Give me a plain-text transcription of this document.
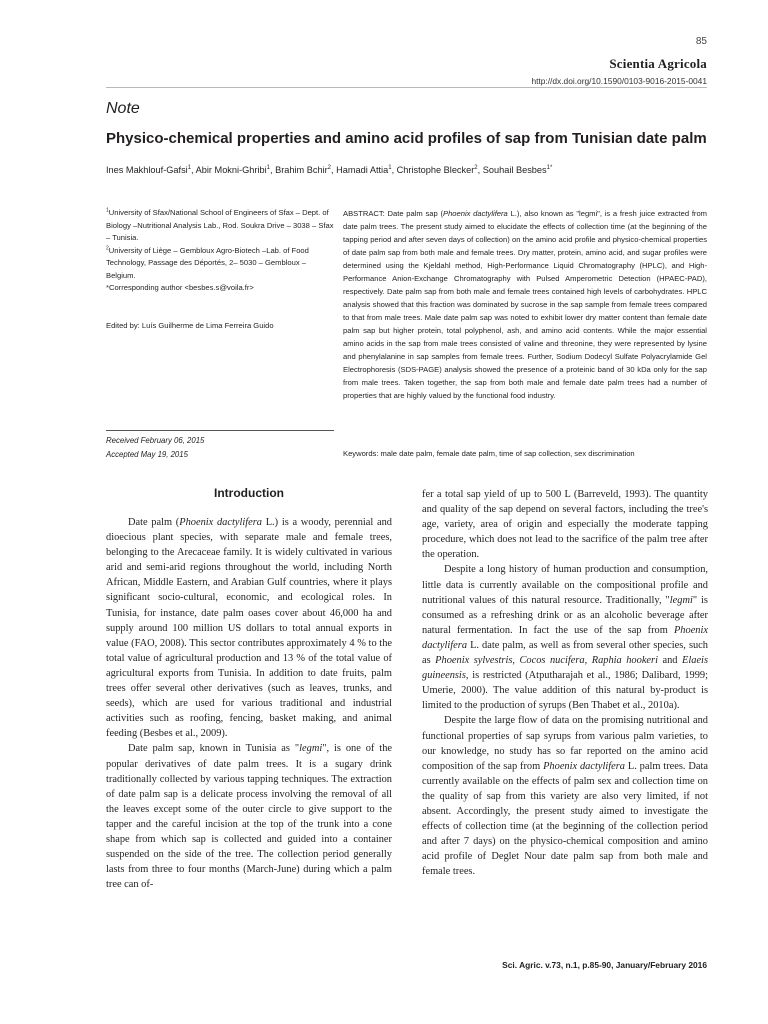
85
Scientia Agricola
http://dx.doi.org/10.1590/0103-9016-2015-0041
Note
Physico-chemical properties and amino acid profiles of sap from Tunisian date palm
Ines Makhlouf-Gafsi$^1$, Abir Mokni-Ghribi$^1$, Brahim Bchir$^2$, Hamadi Attia$^1$, Christophe Blecker$^2$, Souhail Besbes$^{1*}$

$^1$University of Sfax/National School of Engineers of Sfax – Dept. of Biology –Nutritional Analysis Lab., Rod. Soukra Drive – 3038 – Sfax – Tunisia.

$^2$University of Liège – Gembloux Agro-Biotech –Lab. of Food Technology, Passage des Déportés, 2– 5030 – Gembloux – Belgium.

*Corresponding author <besbes.s@voila.fr>

Edited by: Luís Guilherme de Lima Ferreira Guido
Received February 06, 2015
Accepted May 19, 2015
ABSTRACT: Date palm sap (Phoenix dactylifera L.), also known as "legmi", is a fresh juice extracted from date palm trees. The present study aimed to elucidate the effects of collection time (at the beginning of the tapping period and after seven days of collection) on the amino acid profile and physico-chemical properties of date palm sap from both male and female trees. Dry matter, protein, amino acid, and sugar profiles were determined using the Kjeldahl method, High-Performance Liquid Chromatography (HPLC), and High-Performance Anion-Exchange Chromatography with Pulsed Amperometric Detection (HPAEC-PAD), respectively. Date palm sap from both male and female trees contained high levels of carbohydrates. HPLC analysis showed that this fraction was dominated by sucrose in the sap sample from female trees compared to that from male trees. Male date palm sap was noted to exhibit lower dry matter content than female date palm sap but higher protein, total polyphenol, ash, and amino acid contents. While the major essential amino acids in the sap from male trees consisted of valine and threonine, they were represented by lysine and phenylalanine in sap samples from female trees. Further, Sodium Dodecyl Sulfate Polyacrylamide Gel Electrophoresis (SDS-PAGE) analysis showed the presence of a proteinic band of 30 kDa only for the sap from male trees. Taken together, the sap from both male and female date palm trees had a number of properties that are highly valued by the functional food industry.
Keywords: male date palm, female date palm, time of sap collection, sex discrimination

Introduction

Date palm (Phoenix dactylifera L.) is a woody, perennial and dioecious plant species, with separate male and female trees, belonging to the Arecaceae family. It is widely cultivated in various arid and semi-arid regions throughout the world, including North African, Middle Eastern, and Arabian Gulf countries, where it plays significant socio-cultural, economic, and ecological roles. In Tunisia, for instance, date palm oases cover about 46,000 ha and supply around 100 million US dollars to total annual exports in value (FAO, 2008). This sector contributes approximately 4 % to the total value of agricultural production and 13 % of the total value of agricultural exports from Tunisia. In addition to date fruits, palm trees offer several other derivatives (such as leaves, trunks, and seeds), which are used for various traditional and industrial activities such as roofing, fencing, basket making, and animal feeding (Besbes et al., 2009).

Date palm sap, known in Tunisia as "legmi", is one of the popular derivatives of date palm trees. It is a sugary drink traditionally collected by various tapping techniques. The extraction of date palm sap is a delicate process involving the removal of all the leaves except some of the outer circle to give support to the tapper and the careful incision at the top of the trunk into a cone shape from which sap is collected and guided into a container suspended on the side of the tree. The collection period generally lasts from three to four months (March-June) during which a palm tree can of-

fer a total sap yield of up to 500 L (Barreveld, 1993). The quantity and quality of the sap depend on several factors, including the tree's age, variety, area of origin and especially the moderate tapping procedure, which does not lead to the sacrifice of the palm tree after the operation.

Despite a long history of human production and consumption, little data is currently available on the compositional profile and nutritional values of this natural resource. Traditionally, "legmi" is consumed as a refreshing drink or as an alcoholic beverage after natural fermentation. In fact the use of the sap from Phoenix dactylifera L. date palm, as well as from several other species, such as Phoenix sylvestris, Cocos nucifera, Raphia hookeri and Elaeis guineensis, is restricted (Atputharajah et al., 1986; Dalibard, 1999; Umerie, 2000). The value addition of this natural by-product is limited to the production of syrups (Ben Thabet et al., 2010a).

Despite the large flow of data on the promising nutritional and functional properties of sap syrups from various palm varieties, to our knowledge, no study has so far reported on the amino acid composition of the sap from Phoenix dactylifera L. palm trees. Data currently available on the effects of palm sex and collection time on the quality of sap from this variety are also very limited, if not absent. Accordingly, the present study aimed to investigate the effects of collection time (at the beginning of the collection period and after 7 days) on the physico-chemical composition and amino acid profile of Deglet Nour date palm sap from both male and female trees.

Sci. Agric. v.73, n.1, p.85-90, January/February 2016
